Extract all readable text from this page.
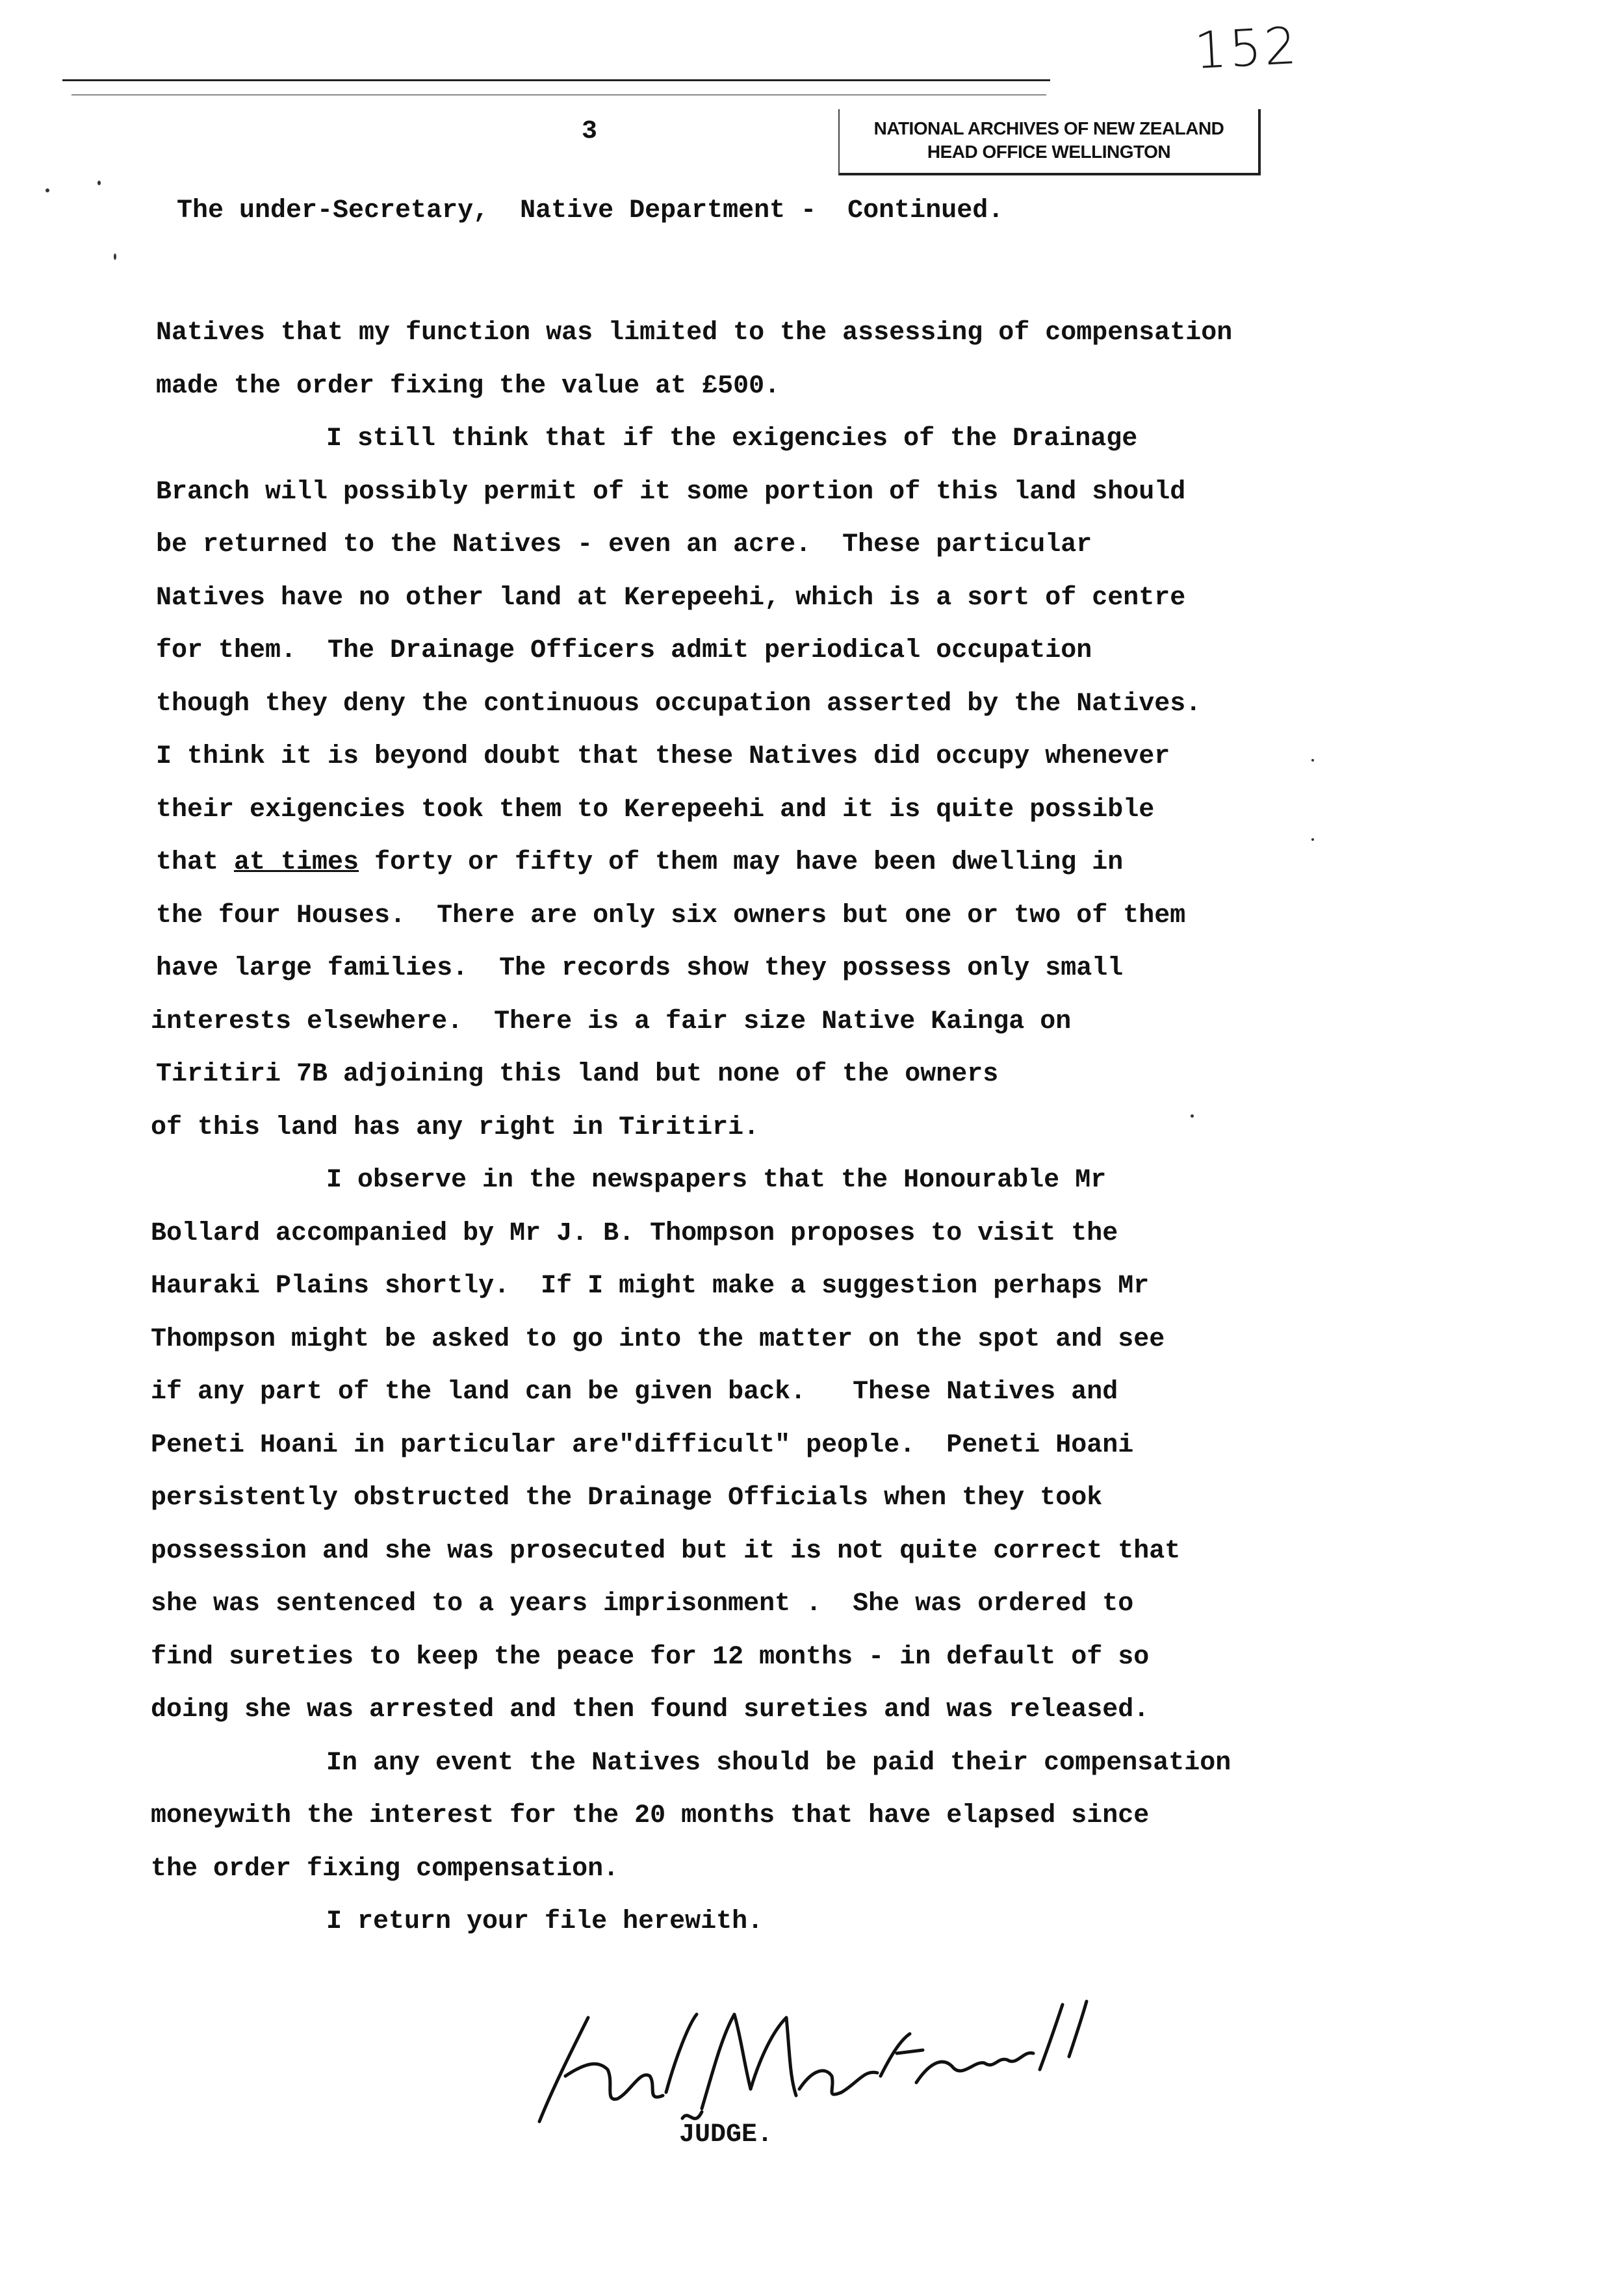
152
3	NATIONAL ARCHIVES OF NEW ZEALAND
HEAD OFFICE WELLINGTON
The under-Secretary,  Native Department -  Continued.
Natives that my function was limited to the assessing of compensation
made the order fixing the value at £500.
I still think that if the exigencies of the Drainage
Branch will possibly permit of it some portion of this land should
be returned to the Natives - even an acre.  These particular
Natives have no other land at Kerepeehi, which is a sort of centre
for them.  The Drainage Officers admit periodical occupation
though they deny the continuous occupation asserted by the Natives.
I think it is beyond doubt that these Natives did occupy whenever
their exigencies took them to Kerepeehi and it is quite possible
that at times forty or fifty of them may have been dwelling in
the four Houses.  There are only six owners but one or two of them
have large families.  The records show they possess only small
interests elsewhere.  There is a fair size Native Kainga on
Tiritiri 7B adjoining this land but none of the owners
of this land has any right in Tiritiri.
I observe in the newspapers that the Honourable Mr
Bollard accompanied by Mr J. B. Thompson proposes to visit the
Hauraki Plains shortly.  If I might make a suggestion perhaps Mr
Thompson might be asked to go into the matter on the spot and see
if any part of the land can be given back.   These Natives and
Peneti Hoani in particular are"difficult" people.  Peneti Hoani
persistently obstructed the Drainage Officials when they took
possession and she was prosecuted but it is not quite correct that
she was sentenced to a years imprisonment .  She was ordered to
find sureties to keep the peace for 12 months - in default of so
doing she was arrested and then found sureties and was released.
In any event the Natives should be paid their compensation
moneywith the interest for the 20 months that have elapsed since
the order fixing compensation.
I return your file herewith.
JUDGE.
